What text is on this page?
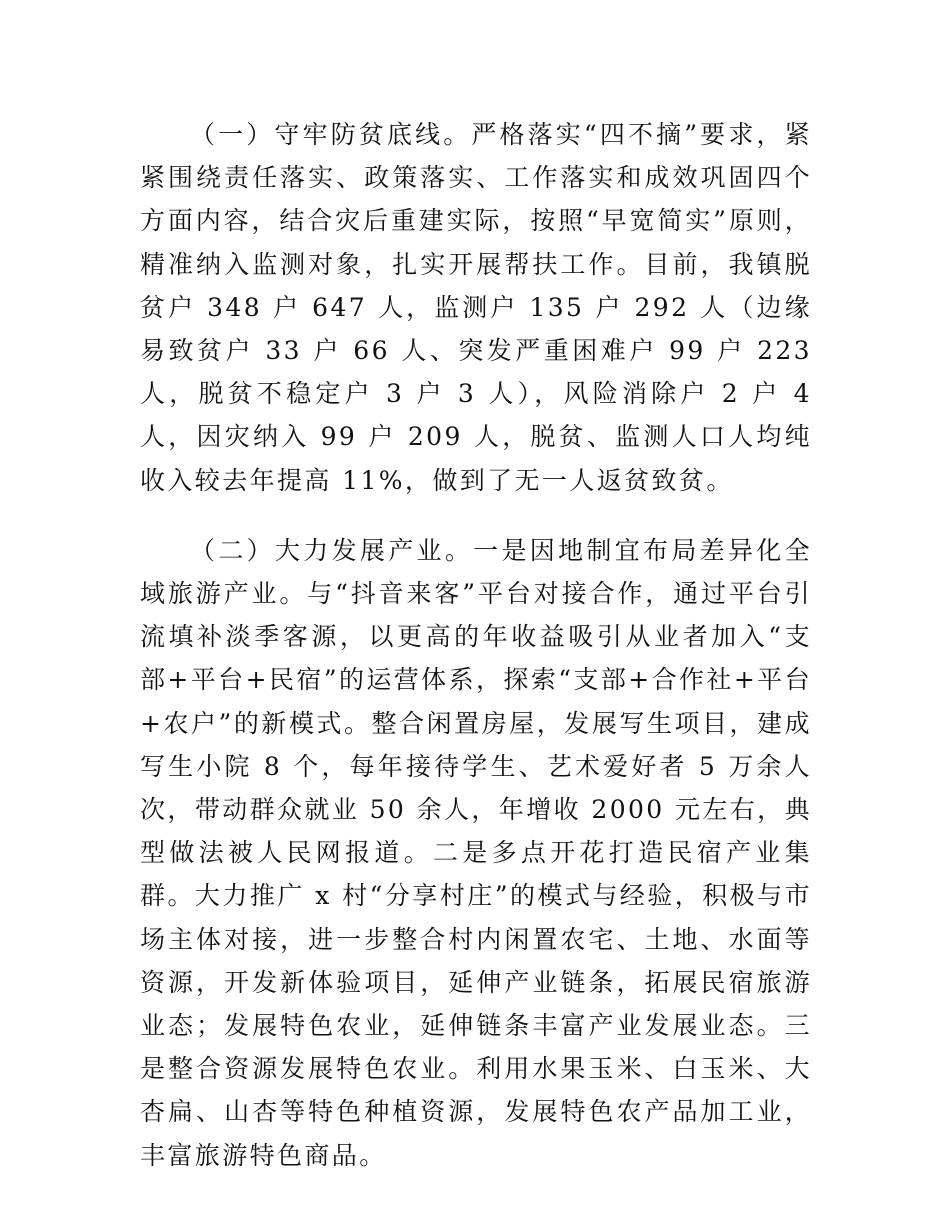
（一）守牢防贫底线。严格落实“四不摘”要求，紧紧围绕责任落实、政策落实、工作落实和成效巩固四个方面内容，结合灾后重建实际，按照“早宽简实”原则，精准纳入监测对象，扎实开展帮扶工作。目前，我镇脱贫户 348 户 647 人，监测户 135 户 292 人（边缘易致贫户 33 户 66 人、突发严重困难户 99 户 223 人，脱贫不稳定户 3 户 3 人），风险消除户 2 户 4 人，因灾纳入 99 户 209 人，脱贫、监测人口人均纯收入较去年提高 11%，做到了无一人返贫致贫。

（二）大力发展产业。一是因地制宜布局差异化全域旅游产业。与“抖音来客”平台对接合作，通过平台引流填补淡季客源，以更高的年收益吸引从业者加入“支部+平台+民宿”的运营体系，探索“支部+合作社+平台+农户”的新模式。整合闲置房屋，发展写生项目，建成写生小院 8 个，每年接待学生、艺术爱好者 5 万余人次，带动群众就业 50 余人，年增收 2000 元左右，典型做法被人民网报道。二是多点开花打造民宿产业集群。大力推广 x 村“分享村庄”的模式与经验，积极与市场主体对接，进一步整合村内闲置农宅、土地、水面等资源，开发新体验项目，延伸产业链条，拓展民宿旅游业态；发展特色农业，延伸链条丰富产业发展业态。三是整合资源发展特色农业。利用水果玉米、白玉米、大杏扁、山杏等特色种植资源，发展特色农产品加工业，丰富旅游特色商品。
